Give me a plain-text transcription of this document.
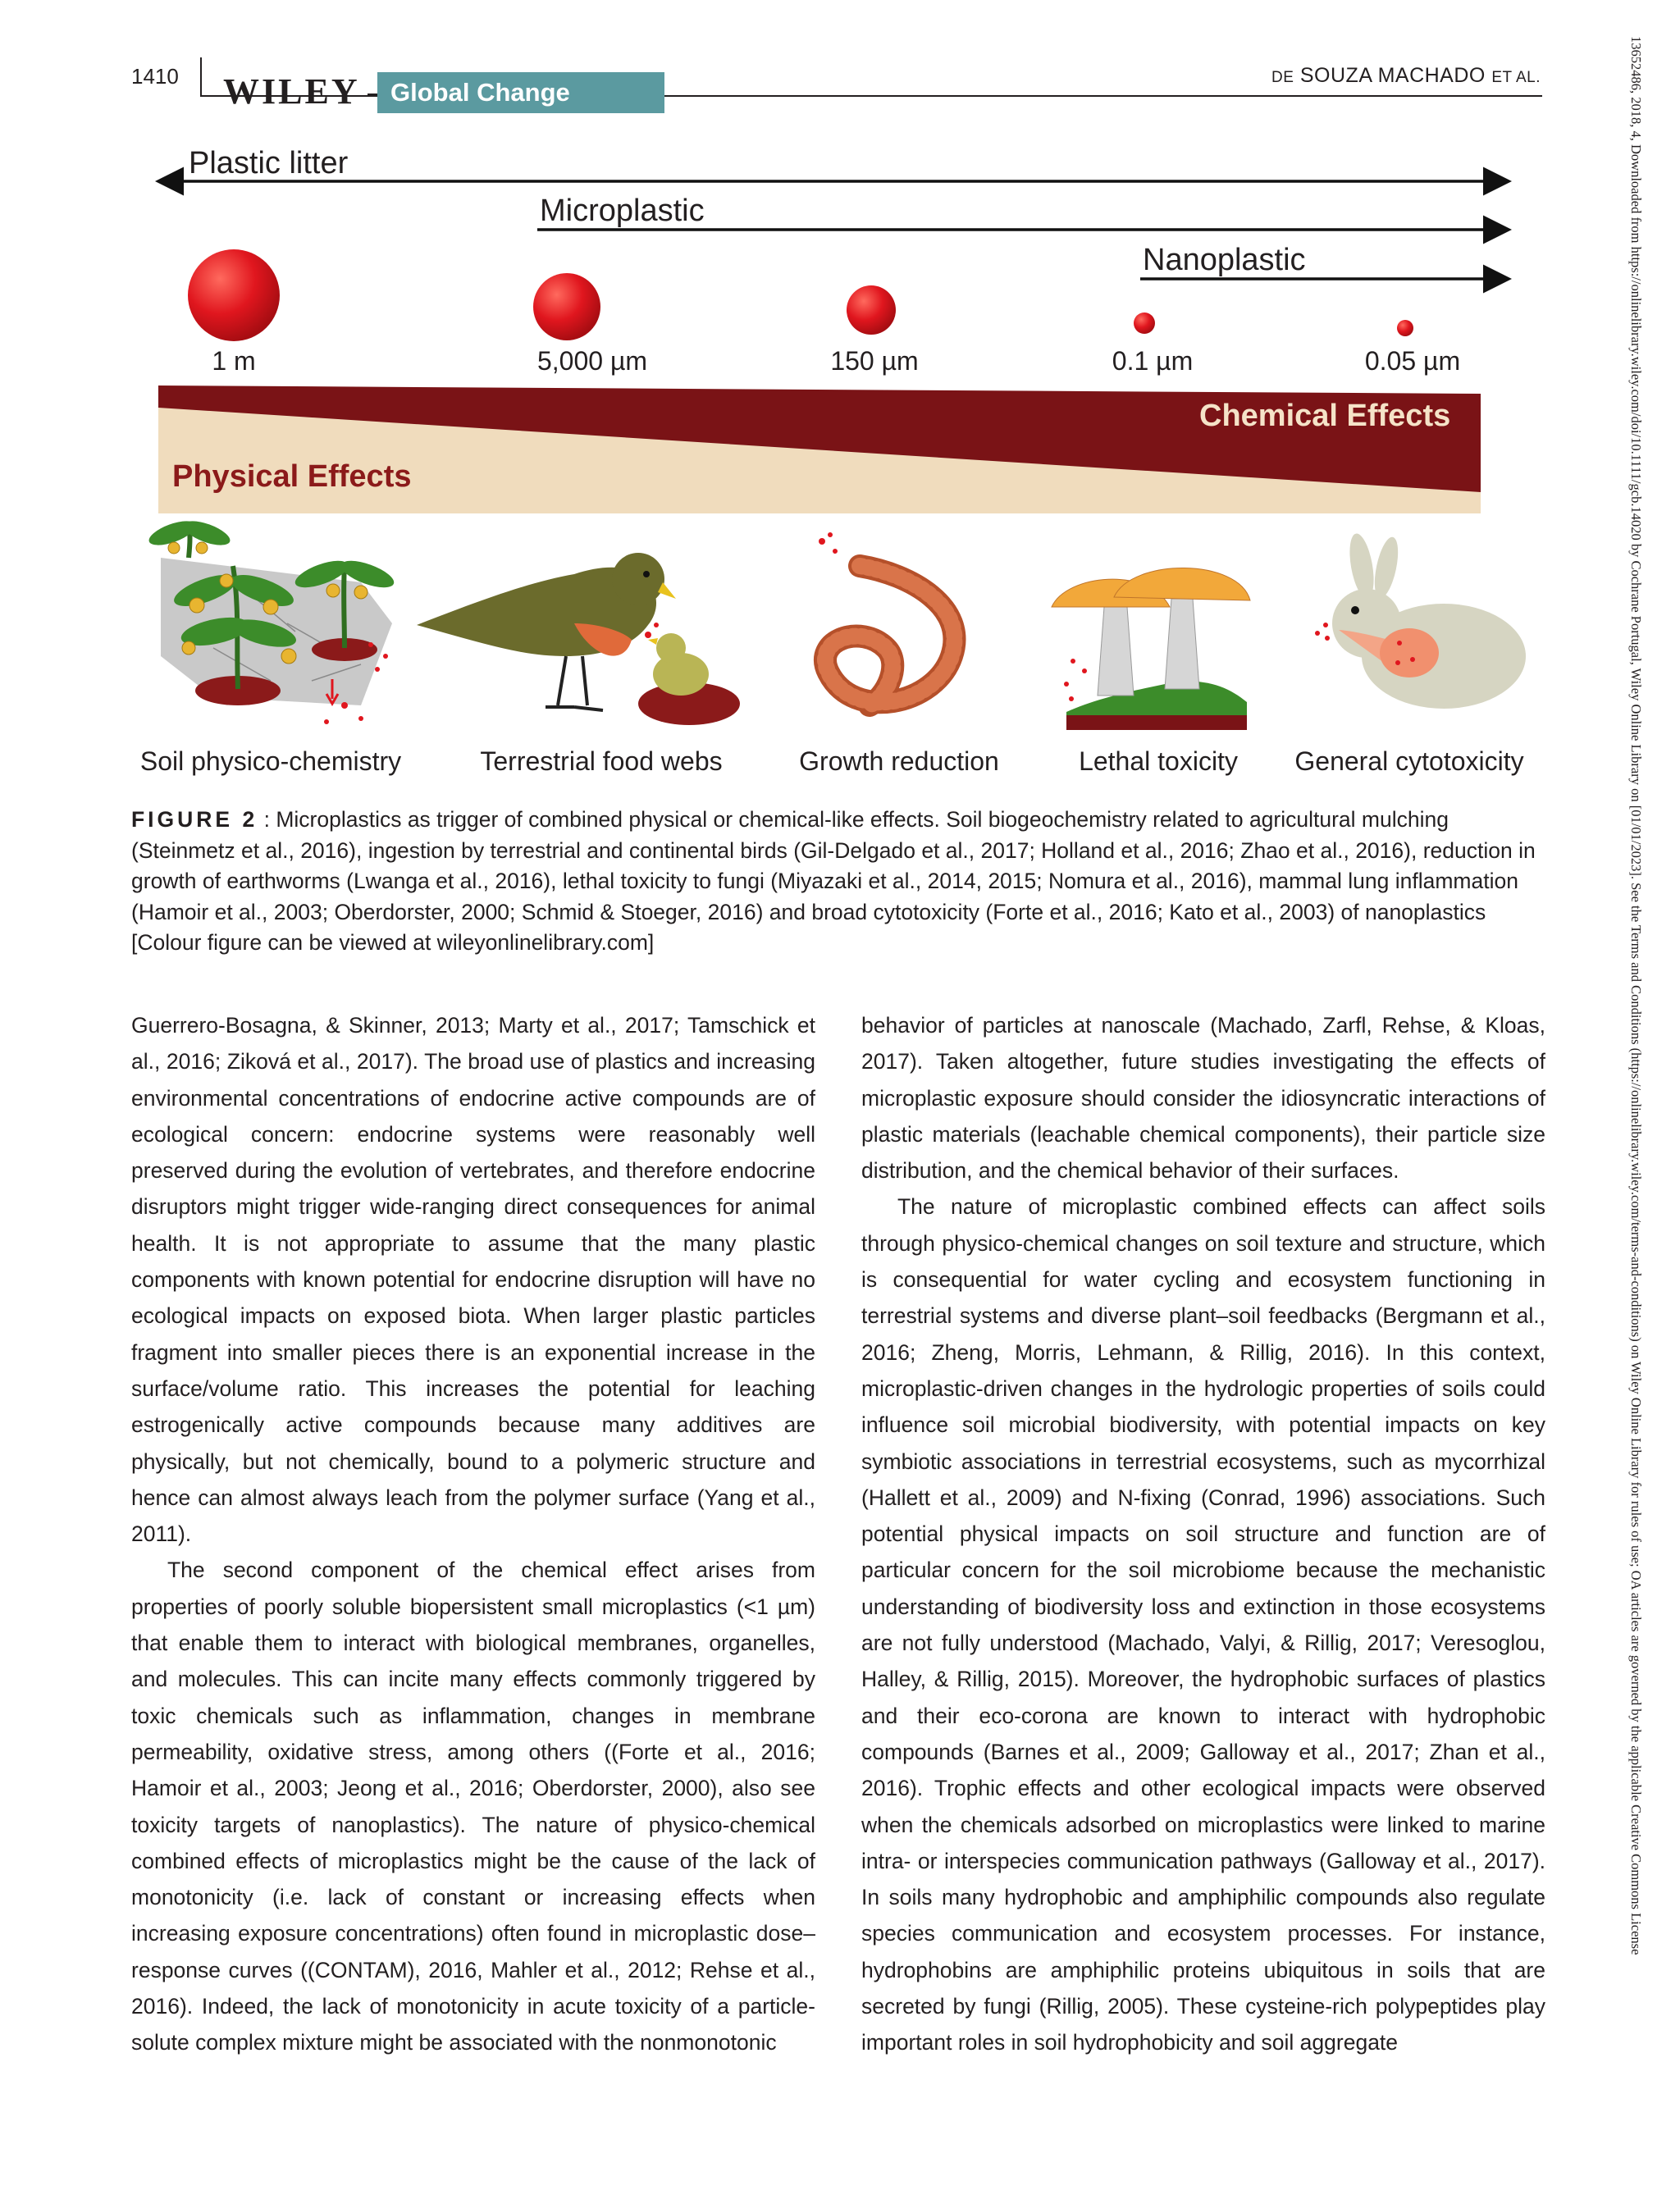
1410 WILEY	Global Change Biology
DE SOUZA MACHADO ET AL.	13652486, 2018, 4, Downloaded from https://onlinelibrary.wiley.com/doi/10.1111/gcb.14020 by Cochrane Portugal, Wiley Online Library on [01/01/2023]. See the Terms and Conditions (https://onlinelibrary.wiley.com/terms-and-conditions) on Wiley Online Library for rules of use; OA articles are governed by the applicable Creative Commons License
Plastic litter
Microplastic
Nanoplastic
1 m	5,000 µm	150 µm	0.1 µm	0.05 µm
Chemical Effects
Physical Effects
Soil physico-chemistry	Terrestrial food webs	Growth reduction	Lethal toxicity General cytotoxicity
FIGURE 2 : Microplastics as trigger of combined physical or chemical-like effects. Soil biogeochemistry related to agricultural mulching (Steinmetz et al., 2016), ingestion by terrestrial and continental birds (Gil-Delgado et al., 2017; Holland et al., 2016; Zhao et al., 2016), reduction in growth of earthworms (Lwanga et al., 2016), lethal toxicity to fungi (Miyazaki et al., 2014, 2015; Nomura et al., 2016), mammal lung inflammation (Hamoir et al., 2003; Oberdorster, 2000; Schmid & Stoeger, 2016) and broad cytotoxicity (Forte et al., 2016; Kato et al., 2003) of nanoplastics [Colour figure can be viewed at wileyonlinelibrary.com]

Guerrero-Bosagna, & Skinner, 2013; Marty et al., 2017; Tamschick et al., 2016; Ziková et al., 2017). The broad use of plastics and increasing environmental concentrations of endocrine active compounds are of ecological concern: endocrine systems were reasonably well preserved during the evolution of vertebrates, and therefore endocrine disruptors might trigger wide-ranging direct consequences for animal health. It is not appropriate to assume that the many plastic components with known potential for endocrine disruption will have no ecological impacts on exposed biota. When larger plastic particles fragment into smaller pieces there is an exponential increase in the surface/volume ratio. This increases the potential for leaching estrogenically active compounds because many additives are physically, but not chemically, bound to a polymeric structure and hence can almost always leach from the polymer surface (Yang et al., 2011).

The second component of the chemical effect arises from properties of poorly soluble biopersistent small microplastics (<1 µm) that enable them to interact with biological membranes, organelles, and molecules. This can incite many effects commonly triggered by toxic chemicals such as inflammation, changes in membrane permeability, oxidative stress, among others ((Forte et al., 2016; Hamoir et al., 2003; Jeong et al., 2016; Oberdorster, 2000), also see toxicity targets of nanoplastics). The nature of physico-chemical combined effects of microplastics might be the cause of the lack of monotonicity (i.e. lack of constant or increasing effects when increasing exposure concentrations) often found in microplastic dose–response curves ((CONTAM), 2016, Mahler et al., 2012; Rehse et al., 2016). Indeed, the lack of monotonicity in acute toxicity of a particle-solute complex mixture might be associated with the nonmonotonic

behavior of particles at nanoscale (Machado, Zarfl, Rehse, & Kloas, 2017). Taken altogether, future studies investigating the effects of microplastic exposure should consider the idiosyncratic interactions of plastic materials (leachable chemical components), their particle size distribution, and the chemical behavior of their surfaces.

The nature of microplastic combined effects can affect soils through physico-chemical changes on soil texture and structure, which is consequential for water cycling and ecosystem functioning in terrestrial systems and diverse plant–soil feedbacks (Bergmann et al., 2016; Zheng, Morris, Lehmann, & Rillig, 2016). In this context, microplastic-driven changes in the hydrologic properties of soils could influence soil microbial biodiversity, with potential impacts on key symbiotic associations in terrestrial ecosystems, such as mycorrhizal (Hallett et al., 2009) and N-fixing (Conrad, 1996) associations. Such potential physical impacts on soil structure and function are of particular concern for the soil microbiome because the mechanistic understanding of biodiversity loss and extinction in those ecosystems are not fully understood (Machado, Valyi, & Rillig, 2017; Veresoglou, Halley, & Rillig, 2015). Moreover, the hydrophobic surfaces of plastics and their eco-corona are known to interact with hydrophobic compounds (Barnes et al., 2009; Galloway et al., 2017; Zhan et al., 2016). Trophic effects and other ecological impacts were observed when the chemicals adsorbed on microplastics were linked to marine intra- or interspecies communication pathways (Galloway et al., 2017). In soils many hydrophobic and amphiphilic compounds also regulate species communication and ecosystem processes. For instance, hydrophobins are amphiphilic proteins ubiquitous in soils that are secreted by fungi (Rillig, 2005). These cysteine-rich polypeptides play important roles in soil hydrophobicity and soil aggregate
